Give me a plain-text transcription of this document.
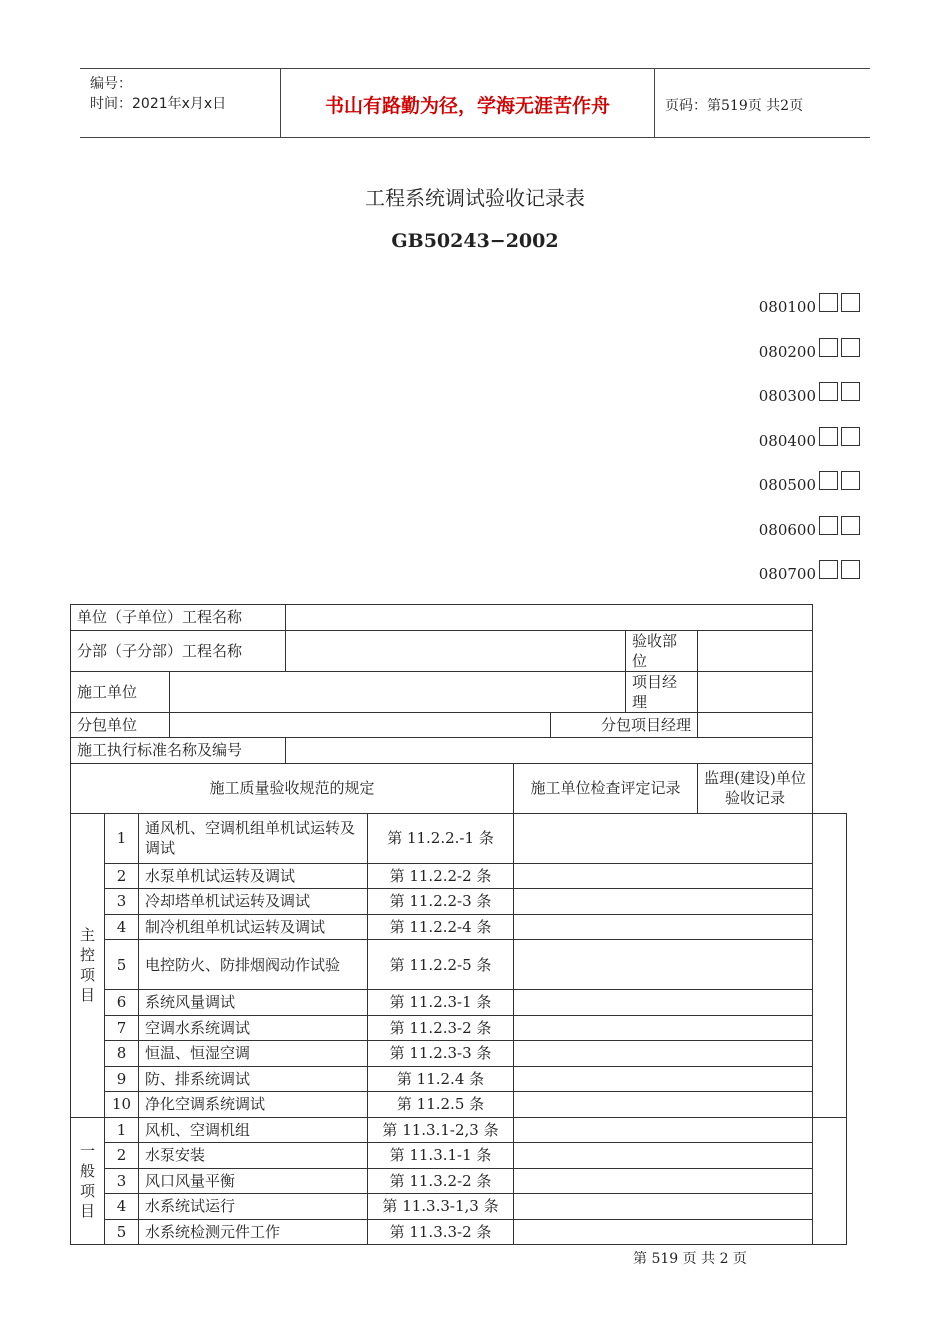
编号：
时间：2021年x月x日	书山有路勤为径，学海无涯苦作舟	页码：第519页 共2页
工程系统调试验收记录表
GB50243−2002
080100
080200
080300
080400
080500
080600
080700
单位（子单位）工程名称										
分部（子分部）工程名称								验收部位		
施工单位								项目经理		
分包单位							分包项目经理			
施工执行标准名称及编号										
施工质量验收规范的规定						施工单位检查评定记录			监理(建设)单位验收记录	
主
控
项
目	1	通风机、空调机组单机试运转及调试			第 11.2.2.-1 条					
	2	水泵单机试运转及调试			第 11.2.2-2 条					
	3	冷却塔单机试运转及调试			第 11.2.2-3 条					
	4	制冷机组单机试运转及调试			第 11.2.2-4 条					
	5	电控防火、防排烟阀动作试验			第 11.2.2-5 条					
	6	系统风量调试			第 11.2.3-1 条					
	7	空调水系统调试			第 11.2.3-2 条					
	8	恒温、恒湿空调			第 11.2.3-3 条					
	9	防、排系统调试			第 11.2.4 条					
	10	净化空调系统调试			第 11.2.5 条					
一
般
项
目	1	风机、空调机组			第 11.3.1-2,3 条					
	2	水泵安装			第 11.3.1-1 条					
	3	风口风量平衡			第 11.3.2-2 条					
	4	水系统试运行			第 11.3.3-1,3 条					
	5	水系统检测元件工作			第 11.3.3-2 条					
第 519 页 共 2 页
